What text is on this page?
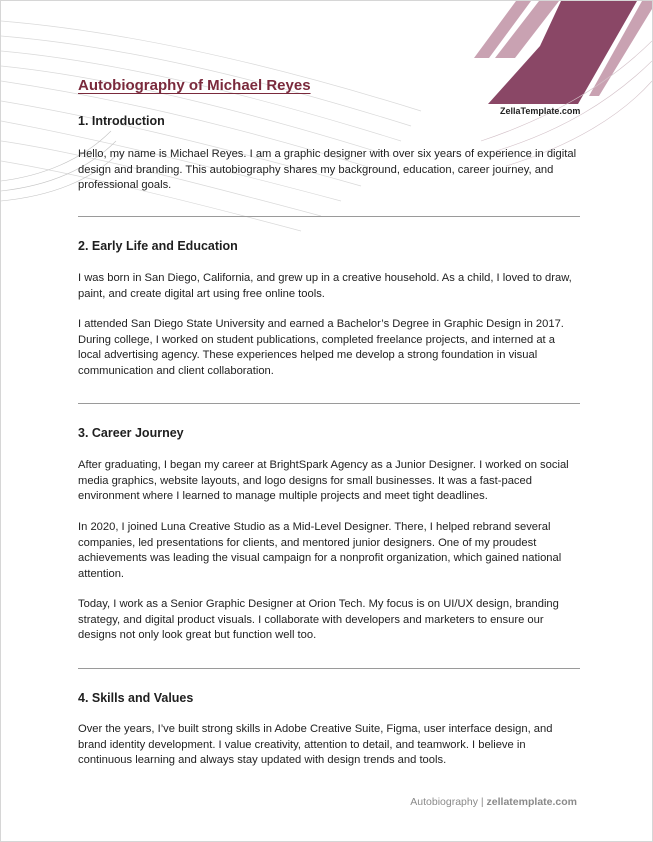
ZellaTemplate.com
Autobiography of Michael Reyes
1. Introduction
Hello, my name is Michael Reyes. I am a graphic designer with over six years of experience in digital design and branding. This autobiography shares my background, education, career journey, and professional goals.
2. Early Life and Education
I was born in San Diego, California, and grew up in a creative household. As a child, I loved to draw, paint, and create digital art using free online tools.
I attended San Diego State University and earned a Bachelor’s Degree in Graphic Design in 2017. During college, I worked on student publications, completed freelance projects, and interned at a local advertising agency. These experiences helped me develop a strong foundation in visual communication and client collaboration.
3. Career Journey
After graduating, I began my career at BrightSpark Agency as a Junior Designer. I worked on social media graphics, website layouts, and logo designs for small businesses. It was a fast-paced environment where I learned to manage multiple projects and meet tight deadlines.
In 2020, I joined Luna Creative Studio as a Mid-Level Designer. There, I helped rebrand several companies, led presentations for clients, and mentored junior designers. One of my proudest achievements was leading the visual campaign for a nonprofit organization, which gained national attention.
Today, I work as a Senior Graphic Designer at Orion Tech. My focus is on UI/UX design, branding strategy, and digital product visuals. I collaborate with developers and marketers to ensure our designs not only look great but function well too.
4. Skills and Values
Over the years, I’ve built strong skills in Adobe Creative Suite, Figma, user interface design, and brand identity development. I value creativity, attention to detail, and teamwork. I believe in continuous learning and always stay updated with design trends and tools.
Autobiography | zellatemplate.com
